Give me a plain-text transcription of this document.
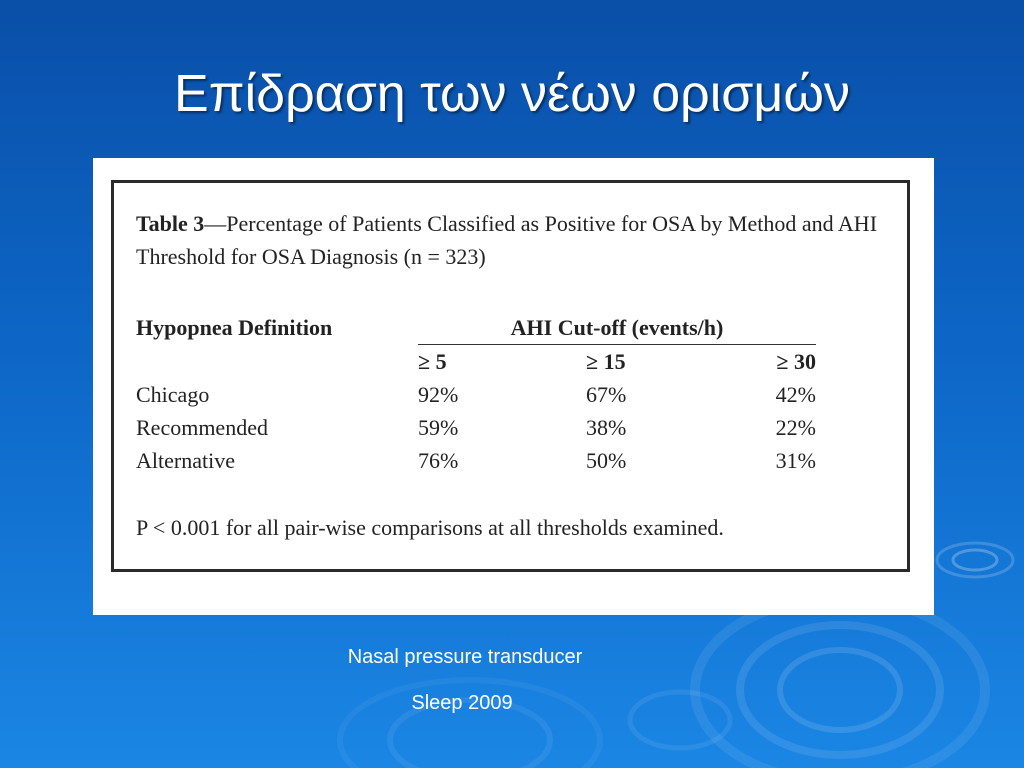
Επίδραση των νέων ορισμών
Table 3—Percentage of Patients Classified as Positive for OSA by Method and AHI Threshold for OSA Diagnosis (n = 323)
Hypopnea Definition	AHI Cut-off (events/h)		
	≥ 5	≥ 15	≥ 30
Chicago	92%	67%	42%
Recommended	59%	38%	22%
Alternative	76%	50%	31%
P < 0.001 for all pair-wise comparisons at all thresholds examined.
Nasal pressure transducer
Sleep 2009
